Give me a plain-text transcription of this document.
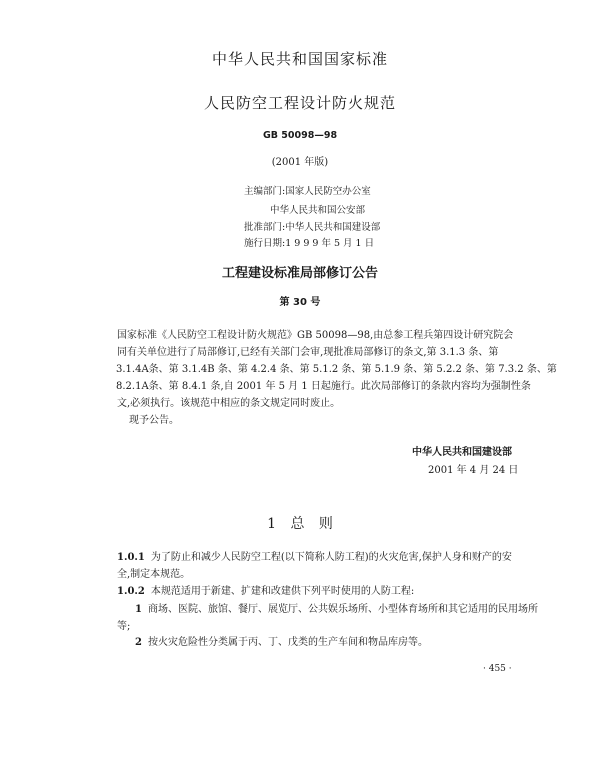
中华人民共和国国家标准
人民防空工程设计防火规范
GB 50098—98
(2001 年版)
主编部门:国家人民防空办公室
中华人民共和国公安部
批准部门:中华人民共和国建设部
施行日期:1 9 9 9 年 5 月 1 日
工程建设标准局部修订公告
第 30 号
国家标准《人民防空工程设计防火规范》GB 50098—98,由总参工程兵第四设计研究院会
同有关单位进行了局部修订,已经有关部门会审,现批准局部修订的条文,第 3.1.3 条、第
3.1.4A条、第 3.1.4B 条、第 4.2.4 条、第 5.1.2 条、第 5.1.9 条、第 5.2.2 条、第 7.3.2 条、第
8.2.1A条、第 8.4.1 条,自 2001 年 5 月 1 日起施行。此次局部修订的条款内容均为强制性条
文,必须执行。该规范中相应的条文规定同时废止。
现予公告。
中华人民共和国建设部
2001 年 4 月 24 日
1 总 则
1.0.1 为了防止和减少人民防空工程(以下简称人防工程)的火灾危害,保护人身和财产的安
全,制定本规范。
1.0.2 本规范适用于新建、扩建和改建供下列平时使用的人防工程:
1 商场、医院、旅馆、餐厅、展览厅、公共娱乐场所、小型体育场所和其它适用的民用场所
等;
2 按火灾危险性分类属于丙、丁、戊类的生产车间和物品库房等。
· 455 ·
